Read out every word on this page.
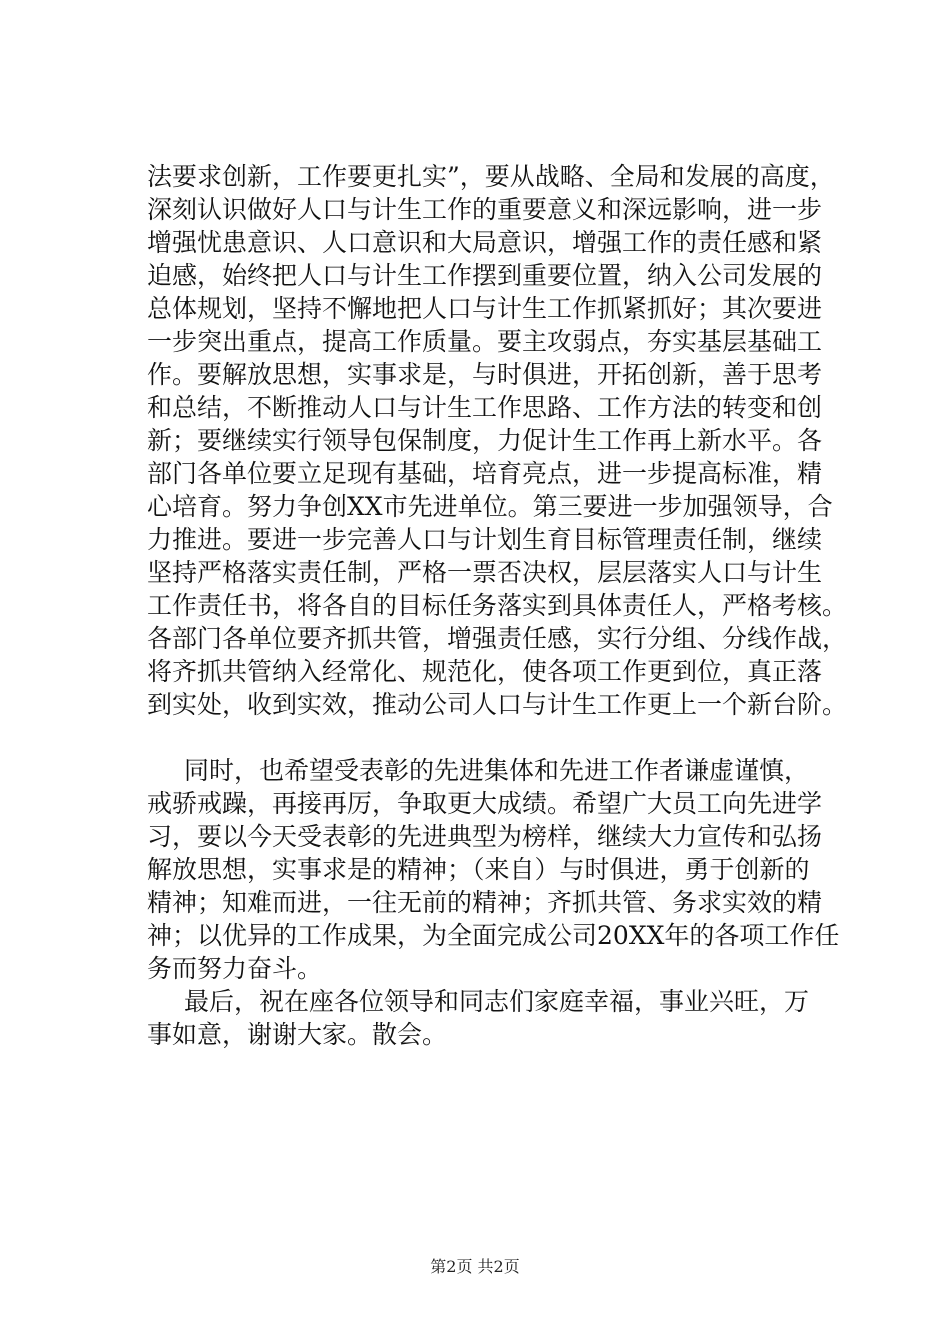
法要求创新，工作要更扎实”，要从战略、全局和发展的高度，
深刻认识做好人口与计生工作的重要意义和深远影响，进一步
增强忧患意识、人口意识和大局意识，增强工作的责任感和紧
迫感，始终把人口与计生工作摆到重要位置，纳入公司发展的
总体规划，坚持不懈地把人口与计生工作抓紧抓好；其次要进
一步突出重点，提高工作质量。要主攻弱点，夯实基层基础工
作。要解放思想，实事求是，与时俱进，开拓创新，善于思考
和总结，不断推动人口与计生工作思路、工作方法的转变和创
新；要继续实行领导包保制度，力促计生工作再上新水平。各
部门各单位要立足现有基础，培育亮点，进一步提高标准，精
心培育。努力争创XX市先进单位。第三要进一步加强领导，合
力推进。要进一步完善人口与计划生育目标管理责任制，继续
坚持严格落实责任制，严格一票否决权，层层落实人口与计生
工作责任书，将各自的目标任务落实到具体责任人，严格考核。
各部门各单位要齐抓共管，增强责任感，实行分组、分线作战，
将齐抓共管纳入经常化、规范化，使各项工作更到位，真正落
到实处，收到实效，推动公司人口与计生工作更上一个新台阶。
同时，也希望受表彰的先进集体和先进工作者谦虚谨慎，
戒骄戒躁，再接再厉，争取更大成绩。希望广大员工向先进学
习，要以今天受表彰的先进典型为榜样，继续大力宣传和弘扬
解放思想，实事求是的精神；（来自）与时俱进，勇于创新的
精神；知难而进，一往无前的精神；齐抓共管、务求实效的精
神；以优异的工作成果，为全面完成公司20XX年的各项工作任
务而努力奋斗。
最后，祝在座各位领导和同志们家庭幸福，事业兴旺，万
事如意，谢谢大家。散会。
第2页 共2页
